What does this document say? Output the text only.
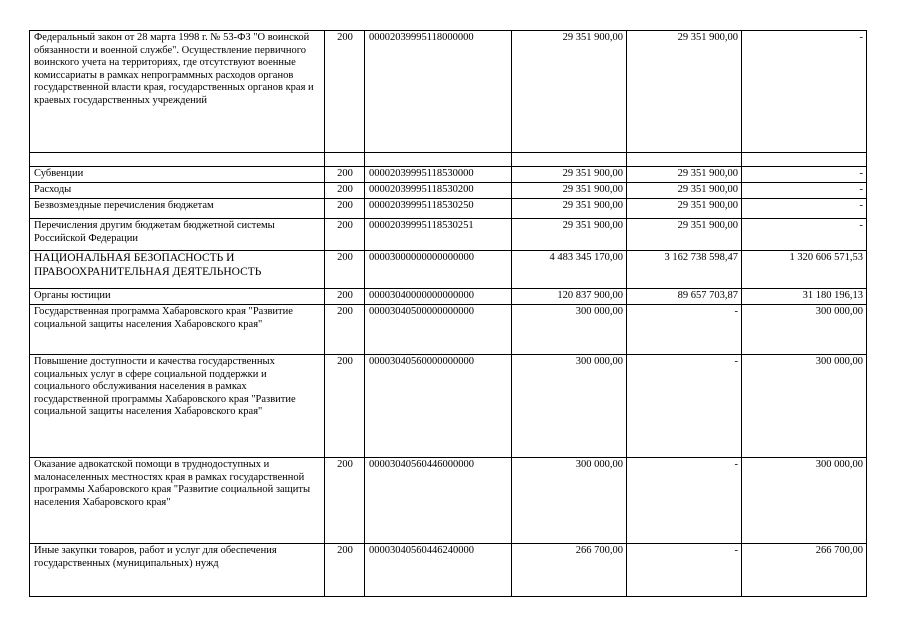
Федеральный закон от 28 марта 1998 г. № 53-ФЗ "О воинской обязанности и военной службе". Осуществление первичного воинского учета на территориях, где отсутствуют военные комиссариаты в рамках непрограммных расходов органов государственной власти края, государственных органов края и краевых государственных учреждений	200	00002039995118000000	29 351 900,00	29 351 900,00	-

Субвенции	200	00002039995118530000	29 351 900,00	29 351 900,00	-
Расходы	200	00002039995118530200	29 351 900,00	29 351 900,00	-
Безвозмездные перечисления бюджетам	200	00002039995118530250	29 351 900,00	29 351 900,00	-
Перечисления другим бюджетам бюджетной системы Российской Федерации	200	00002039995118530251	29 351 900,00	29 351 900,00	-
НАЦИОНАЛЬНАЯ БЕЗОПАСНОСТЬ И ПРАВООХРАНИТЕЛЬНАЯ ДЕЯТЕЛЬНОСТЬ	200	00003000000000000000	4 483 345 170,00	3 162 738 598,47	1 320 606 571,53
Органы юстиции	200	00003040000000000000	120 837 900,00	89 657 703,87	31 180 196,13
Государственная программа Хабаровского края "Развитие социальной защиты населения Хабаровского края"	200	00003040500000000000	300 000,00	-	300 000,00
Повышение доступности и качества государственных социальных услуг в сфере социальной поддержки и социального обслуживания населения в рамках государственной программы Хабаровского края "Развитие социальной защиты населения Хабаровского края"	200	00003040560000000000	300 000,00	-	300 000,00
Оказание адвокатской помощи в труднодоступных и малонаселенных местностях края в рамках государственной программы Хабаровского края "Развитие социальной защиты населения Хабаровского края"	200	00003040560446000000	300 000,00	-	300 000,00
Иные закупки товаров, работ и услуг для обеспечения государственных (муниципальных) нужд	200	00003040560446240000	266 700,00	-	266 700,00
